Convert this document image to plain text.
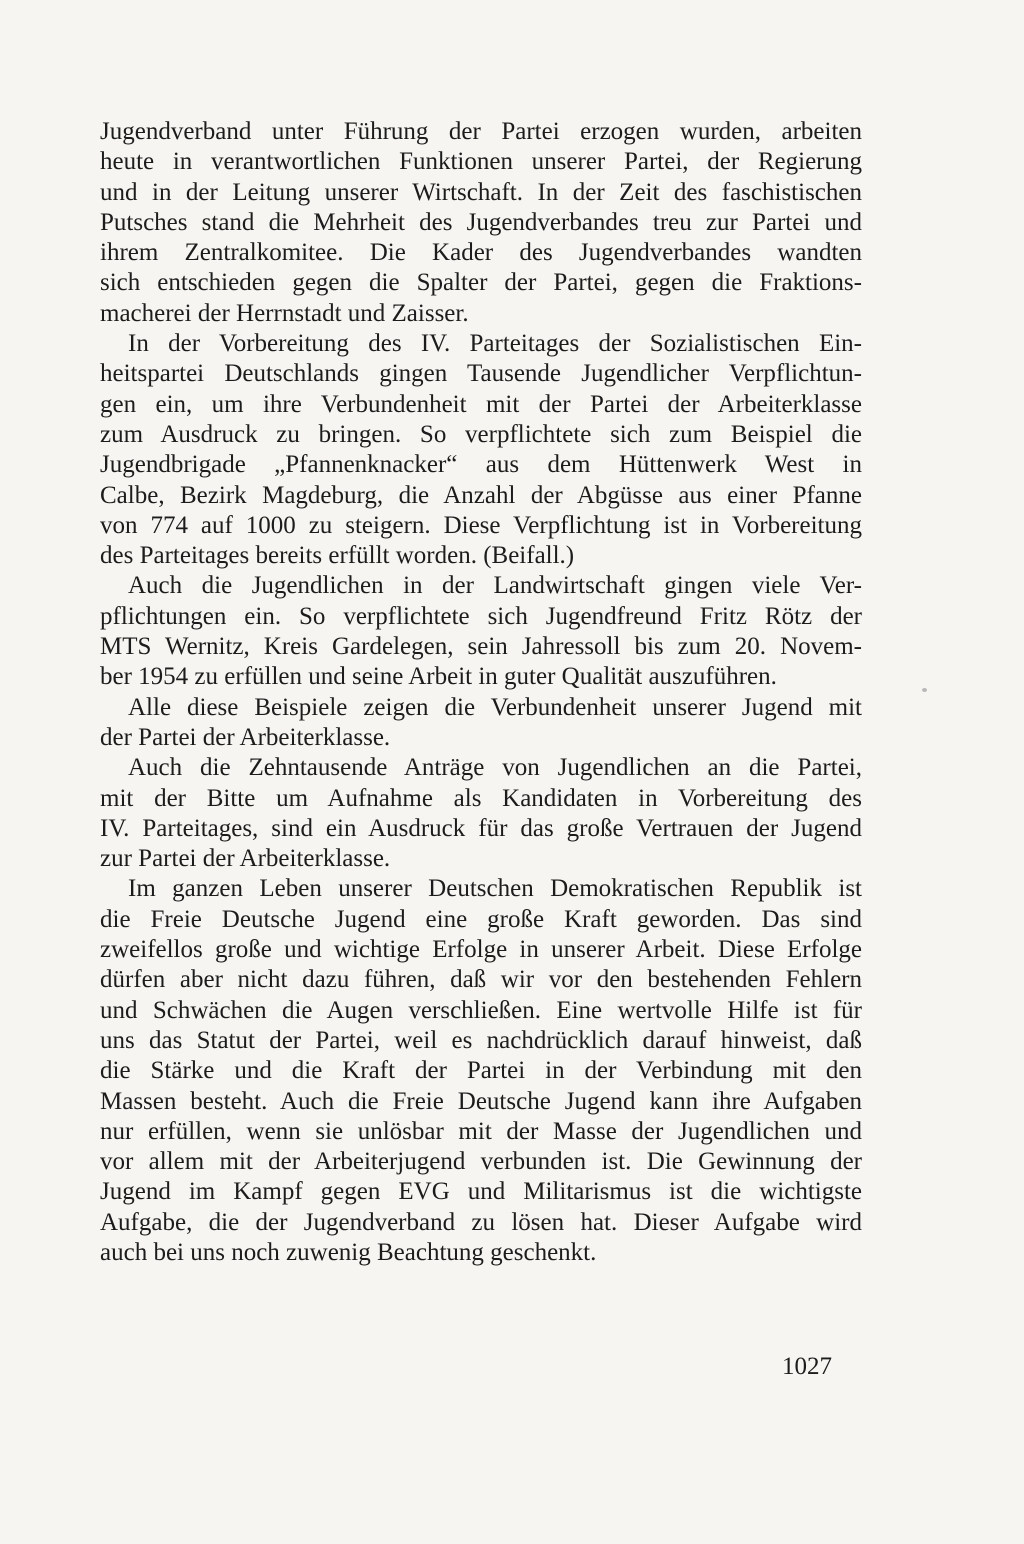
Jugendverband unter Führung der Partei erzogen wurden, arbeiten
heute in verantwortlichen Funktionen unserer Partei, der Regierung
und in der Leitung unserer Wirtschaft. In der Zeit des faschistischen
Putsches stand die Mehrheit des Jugendverbandes treu zur Partei und
ihrem Zentralkomitee. Die Kader des Jugendverbandes wandten
sich entschieden gegen die Spalter der Partei, gegen die Fraktions-
macherei der Herrnstadt und Zaisser.
In der Vorbereitung des IV. Parteitages der Sozialistischen Ein-
heitspartei Deutschlands gingen Tausende Jugendlicher Verpflichtun-
gen ein, um ihre Verbundenheit mit der Partei der Arbeiterklasse
zum Ausdruck zu bringen. So verpflichtete sich zum Beispiel die
Jugendbrigade „Pfannenknacker“ aus dem Hüttenwerk West in
Calbe, Bezirk Magdeburg, die Anzahl der Abgüsse aus einer Pfanne
von 774 auf 1000 zu steigern. Diese Verpflichtung ist in Vorbereitung
des Parteitages bereits erfüllt worden. (Beifall.)
Auch die Jugendlichen in der Landwirtschaft gingen viele Ver-
pflichtungen ein. So verpflichtete sich Jugendfreund Fritz Rötz der
MTS Wernitz, Kreis Gardelegen, sein Jahressoll bis zum 20. Novem-
ber 1954 zu erfüllen und seine Arbeit in guter Qualität auszuführen.
Alle diese Beispiele zeigen die Verbundenheit unserer Jugend mit
der Partei der Arbeiterklasse.
Auch die Zehntausende Anträge von Jugendlichen an die Partei,
mit der Bitte um Aufnahme als Kandidaten in Vorbereitung des
IV. Parteitages, sind ein Ausdruck für das große Vertrauen der Jugend
zur Partei der Arbeiterklasse.
Im ganzen Leben unserer Deutschen Demokratischen Republik ist
die Freie Deutsche Jugend eine große Kraft geworden. Das sind
zweifellos große und wichtige Erfolge in unserer Arbeit. Diese Erfolge
dürfen aber nicht dazu führen, daß wir vor den bestehenden Fehlern
und Schwächen die Augen verschließen. Eine wertvolle Hilfe ist für
uns das Statut der Partei, weil es nachdrücklich darauf hinweist, daß
die Stärke und die Kraft der Partei in der Verbindung mit den
Massen besteht. Auch die Freie Deutsche Jugend kann ihre Aufgaben
nur erfüllen, wenn sie unlösbar mit der Masse der Jugendlichen und
vor allem mit der Arbeiterjugend verbunden ist. Die Gewinnung der
Jugend im Kampf gegen EVG und Militarismus ist die wichtigste
Aufgabe, die der Jugendverband zu lösen hat. Dieser Aufgabe wird
auch bei uns noch zuwenig Beachtung geschenkt.
1027
